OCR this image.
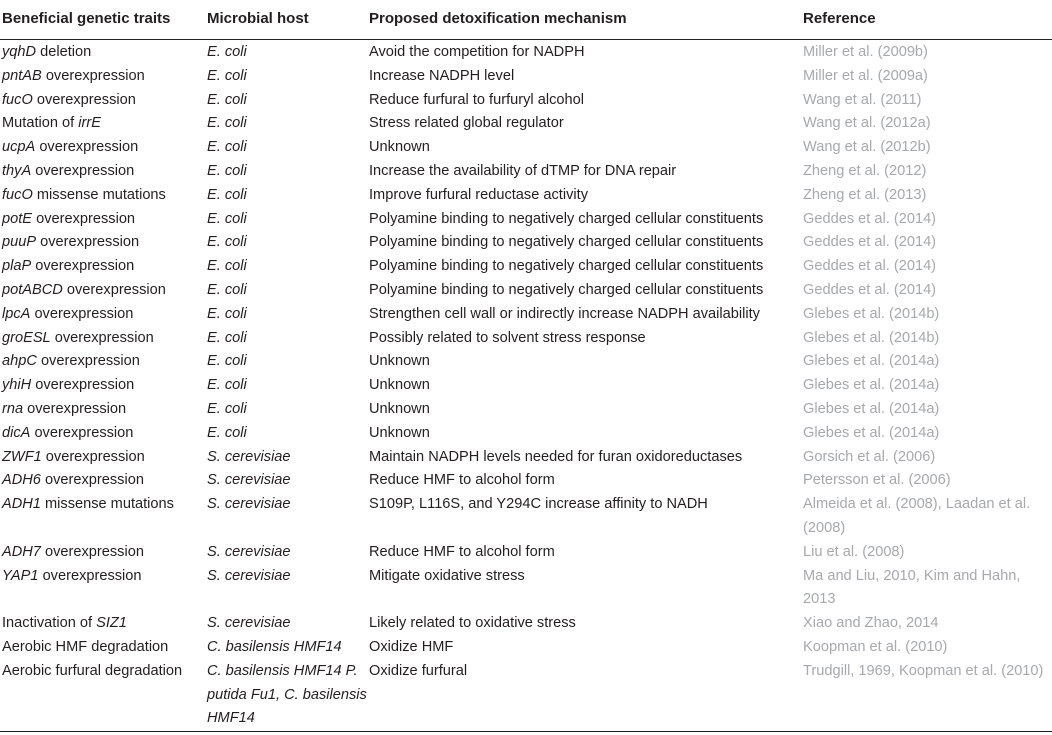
Beneficial genetic traits	Microbial host	Proposed detoxification mechanism	Reference
yqhD deletion	E. coli	Avoid the competition for NADPH	Miller et al. (2009b)
pntAB overexpression	E. coli	Increase NADPH level	Miller et al. (2009a)
fucO overexpression	E. coli	Reduce furfural to furfuryl alcohol	Wang et al. (2011)
Mutation of irrE	E. coli	Stress related global regulator	Wang et al. (2012a)
ucpA overexpression	E. coli	Unknown	Wang et al. (2012b)
thyA overexpression	E. coli	Increase the availability of dTMP for DNA repair	Zheng et al. (2012)
fucO missense mutations	E. coli	Improve furfural reductase activity	Zheng et al. (2013)
potE overexpression	E. coli	Polyamine binding to negatively charged cellular constituents	Geddes et al. (2014)
puuP overexpression	E. coli	Polyamine binding to negatively charged cellular constituents	Geddes et al. (2014)
plaP overexpression	E. coli	Polyamine binding to negatively charged cellular constituents	Geddes et al. (2014)
potABCD overexpression	E. coli	Polyamine binding to negatively charged cellular constituents	Geddes et al. (2014)
lpcA overexpression	E. coli	Strengthen cell wall or indirectly increase NADPH availability	Glebes et al. (2014b)
groESL overexpression	E. coli	Possibly related to solvent stress response	Glebes et al. (2014b)
ahpC overexpression	E. coli	Unknown	Glebes et al. (2014a)
yhiH overexpression	E. coli	Unknown	Glebes et al. (2014a)
rna overexpression	E. coli	Unknown	Glebes et al. (2014a)
dicA overexpression	E. coli	Unknown	Glebes et al. (2014a)
ZWF1 overexpression	S. cerevisiae	Maintain NADPH levels needed for furan oxidoreductases	Gorsich et al. (2006)
ADH6 overexpression	S. cerevisiae	Reduce HMF to alcohol form	Petersson et al. (2006)
ADH1 missense mutations	S. cerevisiae	S109P, L116S, and Y294C increase affinity to NADH	Almeida et al. (2008), Laadan et al. (2008)
ADH7 overexpression	S. cerevisiae	Reduce HMF to alcohol form	Liu et al. (2008)
YAP1 overexpression	S. cerevisiae	Mitigate oxidative stress	Ma and Liu, 2010, Kim and Hahn, 2013
Inactivation of SIZ1	S. cerevisiae	Likely related to oxidative stress	Xiao and Zhao, 2014
Aerobic HMF degradation	C. basilensis HMF14	Oxidize HMF	Koopman et al. (2010)
Aerobic furfural degradation	C. basilensis HMF14 P. putida Fu1, C. basilensis HMF14	Oxidize furfural	Trudgill, 1969, Koopman et al. (2010)
